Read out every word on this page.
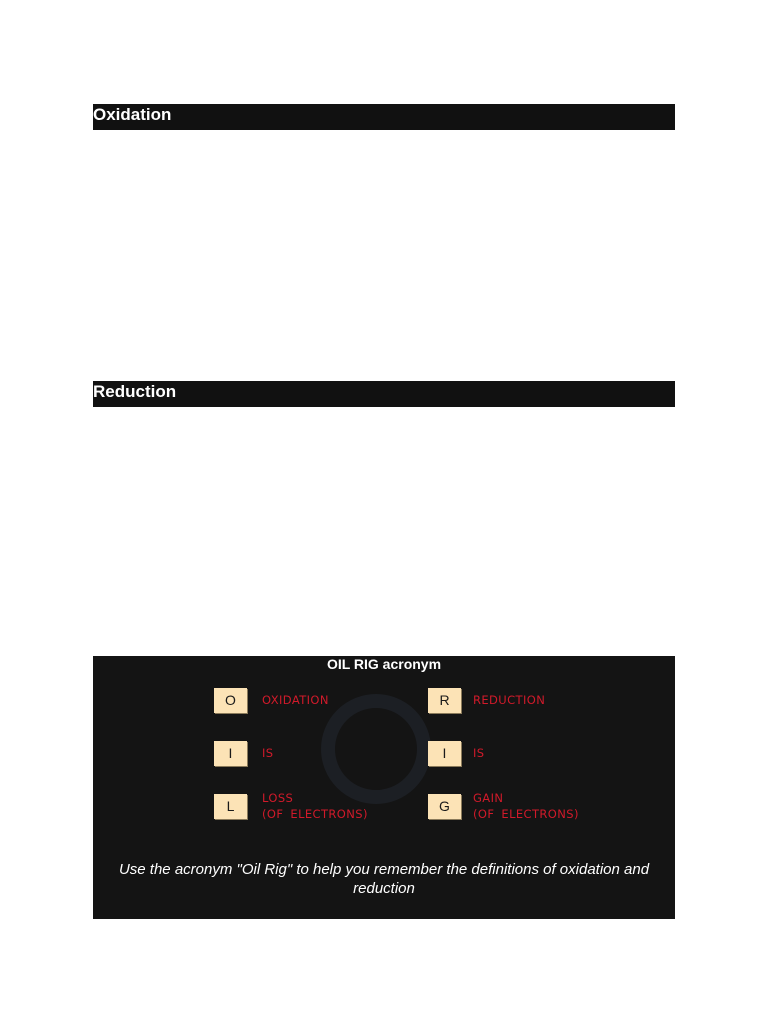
Oxidation
Reduction
OIL RIG acronym
O	OXIDATION
I	IS
L	LOSS
(OF ELECTRONS)
R	REDUCTION
I	IS
G	GAIN
(OF ELECTRONS)
Use the acronym "Oil Rig" to help you remember the definitions of oxidation and reduction
